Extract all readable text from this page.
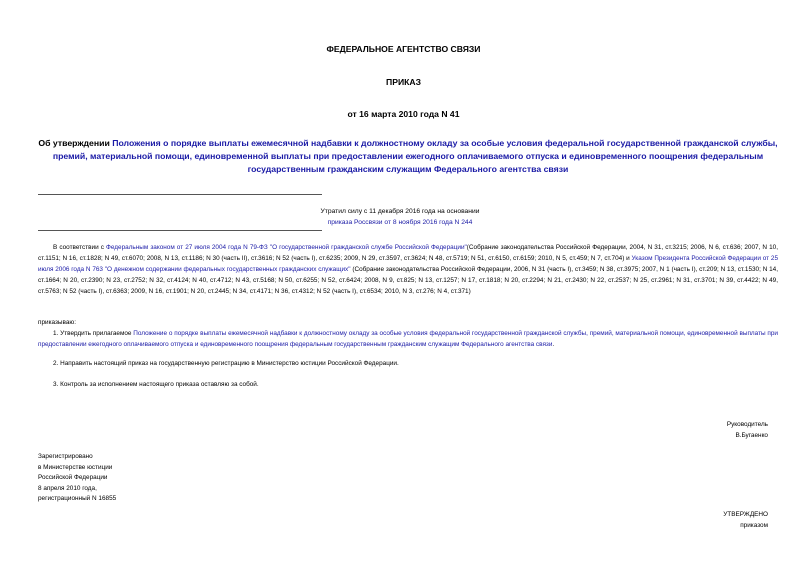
ФЕДЕРАЛЬНОЕ АГЕНТСТВО СВЯЗИ
ПРИКАЗ
от 16 марта 2010 года N 41
Об утверждении Положения о порядке выплаты ежемесячной надбавки к должностному окладу за особые условия федеральной государственной гражданской службы, премий, материальной помощи, единовременной выплаты при предоставлении ежегодного оплачиваемого отпуска и единовременного поощрения федеральным государственным гражданским служащим Федерального агентства связи
Утратил силу с 11 декабря 2016 года на основании
приказа Россвязи от 8 ноября 2016 года N 244
В соответствии с Федеральным законом от 27 июля 2004 года N 79-ФЗ "О государственной гражданской службе Российской Федерации"(Собрание законодательства Российской Федерации, 2004, N 31, ст.3215; 2006, N 6, ст.636; 2007, N 10, ст.1151; N 16, ст.1828; N 49, ст.6070; 2008, N 13, ст.1186; N 30 (часть II), ст.3616; N 52 (часть I), ст.6235; 2009, N 29, ст.3597, ст.3624; N 48, ст.5719; N 51, ст.6150, ст.6159; 2010, N 5, ст.459; N 7, ст.704) и Указом Президента Российской Федерации от 25 июля 2006 года N 763 "О денежном содержании федеральных государственных гражданских служащих" (Собрание законодательства Российской Федерации, 2006, N 31 (часть I), ст.3459; N 38, ст.3975; 2007, N 1 (часть I), ст.209; N 13, ст.1530; N 14, ст.1664; N 20, ст.2390; N 23, ст.2752; N 32, ст.4124; N 40, ст.4712; N 43, ст.5168; N 50, ст.6255; N 52, ст.6424; 2008, N 9, ст.825; N 13, ст.1257; N 17, ст.1818; N 20, ст.2294; N 21, ст.2430; N 22, ст.2537; N 25, ст.2961; N 31, ст.3701; N 39, ст.4422; N 49, ст.5763; N 52 (часть I), ст.6363; 2009, N 16, ст.1901; N 20, ст.2445; N 34, ст.4171; N 36, ст.4312; N 52 (часть I), ст.6534; 2010, N 3, ст.276; N 4, ст.371)
приказываю:
1. Утвердить прилагаемое Положение о порядке выплаты ежемесячной надбавки к должностному окладу за особые условия федеральной государственной гражданской службы, премий, материальной помощи, единовременной выплаты при предоставлении ежегодного оплачиваемого отпуска и единовременного поощрения федеральным государственным гражданским служащим Федерального агентства связи.
2. Направить настоящий приказ на государственную регистрацию в Министерство юстиции Российской Федерации.
3. Контроль за исполнением настоящего приказа оставляю за собой.
Руководитель
В.Бугаенко
Зарегистрировано
в Министерстве юстиции
Российской Федерации
8 апреля 2010 года,
регистрационный N 16855
УТВЕРЖДЕНО
приказом
